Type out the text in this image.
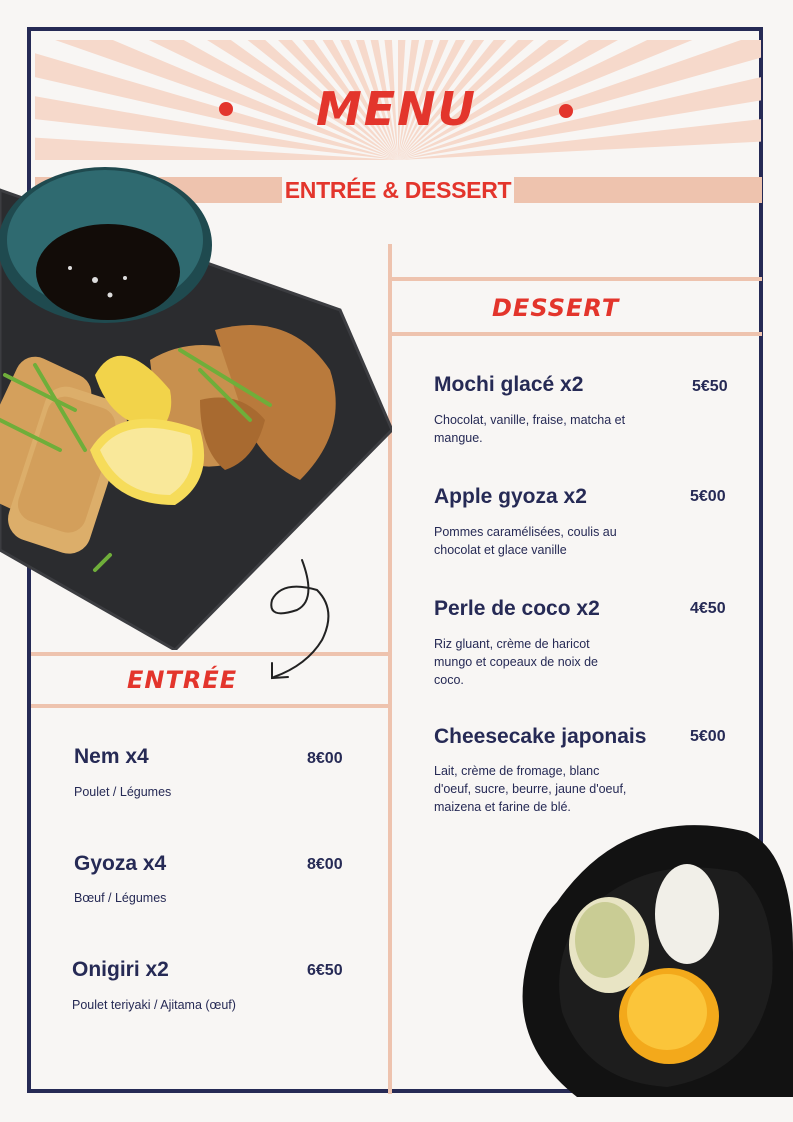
MENU
ENTRÉE & DESSERT
DESSERT
ENTRÉE
Mochi glacé x2	5€50
Chocolat, vanille, fraise, matcha et
mangue.
Apple gyoza x2	5€00
Pommes caramélisées, coulis au
chocolat et glace vanille
Perle de coco x2	4€50
Riz gluant, crème de haricot
mungo et copeaux de noix de
coco.
Cheesecake japonais	5€00
Lait, crème de fromage, blanc
d'oeuf, sucre, beurre, jaune d'oeuf,
maizena et farine de blé.
Nem x4	8€00
Poulet / Légumes
Gyoza x4	8€00
Bœuf / Légumes
Onigiri x2	6€50
Poulet teriyaki / Ajitama (œuf)
